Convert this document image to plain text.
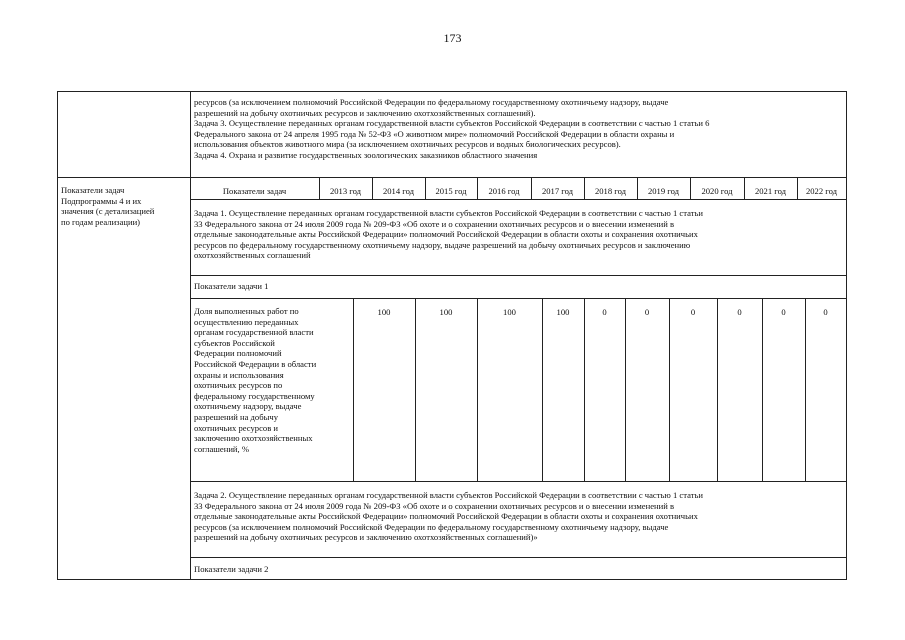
173
ресурсов (за исключением полномочий Российской Федерации по федеральному государственному охотничьему надзору, выдаче
разрешений на добычу охотничьих ресурсов и заключению охотхозяйственных соглашений).
Задача 3. Осуществление переданных органам государственной власти субъектов Российской Федерации в соответствии с частью 1 статьи 6
Федерального закона от 24 апреля 1995 года № 52-ФЗ «О животном мире» полномочий Российской Федерации в области охраны и
использования объектов животного мира (за исключением охотничьих ресурсов и водных биологических ресурсов).
Задача 4. Охрана и развитие государственных зоологических заказников областного значения
Показатели задач
Подпрограммы 4 и их
значения (с детализацией
по годам реализации)
Показатели задач	2013 год	2014 год	2015 год	2016 год	2017 год	2018 год	2019 год	2020 год	2021 год	2022 год
Задача 1. Осуществление переданных органам государственной власти субъектов Российской Федерации в соответствии с частью 1 статьи
33 Федерального закона от 24 июля 2009 года № 209-ФЗ «Об охоте и о сохранении охотничьих ресурсов и о внесении изменений в
отдельные законодательные акты Российской Федерации» полномочий Российской Федерации в области охоты и сохранения охотничьих
ресурсов по федеральному государственному охотничьему надзору, выдаче разрешений на добычу охотничьих ресурсов и заключению
охотхозяйственных соглашений
Показатели задачи 1
Доля выполненных работ по
осуществлению переданных
органам государственной власти
субъектов Российской
Федерации полномочий
Российской Федерации в области
охраны и использования
охотничьих ресурсов по
федеральному государственному
охотничьему надзору, выдаче
разрешений на добычу
охотничьих ресурсов и
заключению охотхозяйственных
соглашений, %
100	100	100	100	0	0	0	0	0	0
Задача 2. Осуществление переданных органам государственной власти субъектов Российской Федерации в соответствии с частью 1 статьи
33 Федерального закона от 24 июля 2009 года № 209-ФЗ «Об охоте и о сохранении охотничьих ресурсов и о внесении изменений в
отдельные законодательные акты Российской Федерации» полномочий Российской Федерации в области охоты и сохранения охотничьих
ресурсов (за исключением полномочий Российской Федерации по федеральному государственному охотничьему надзору, выдаче
разрешений на добычу охотничьих ресурсов и заключению охотхозяйственных соглашений)»
Показатели задачи 2
